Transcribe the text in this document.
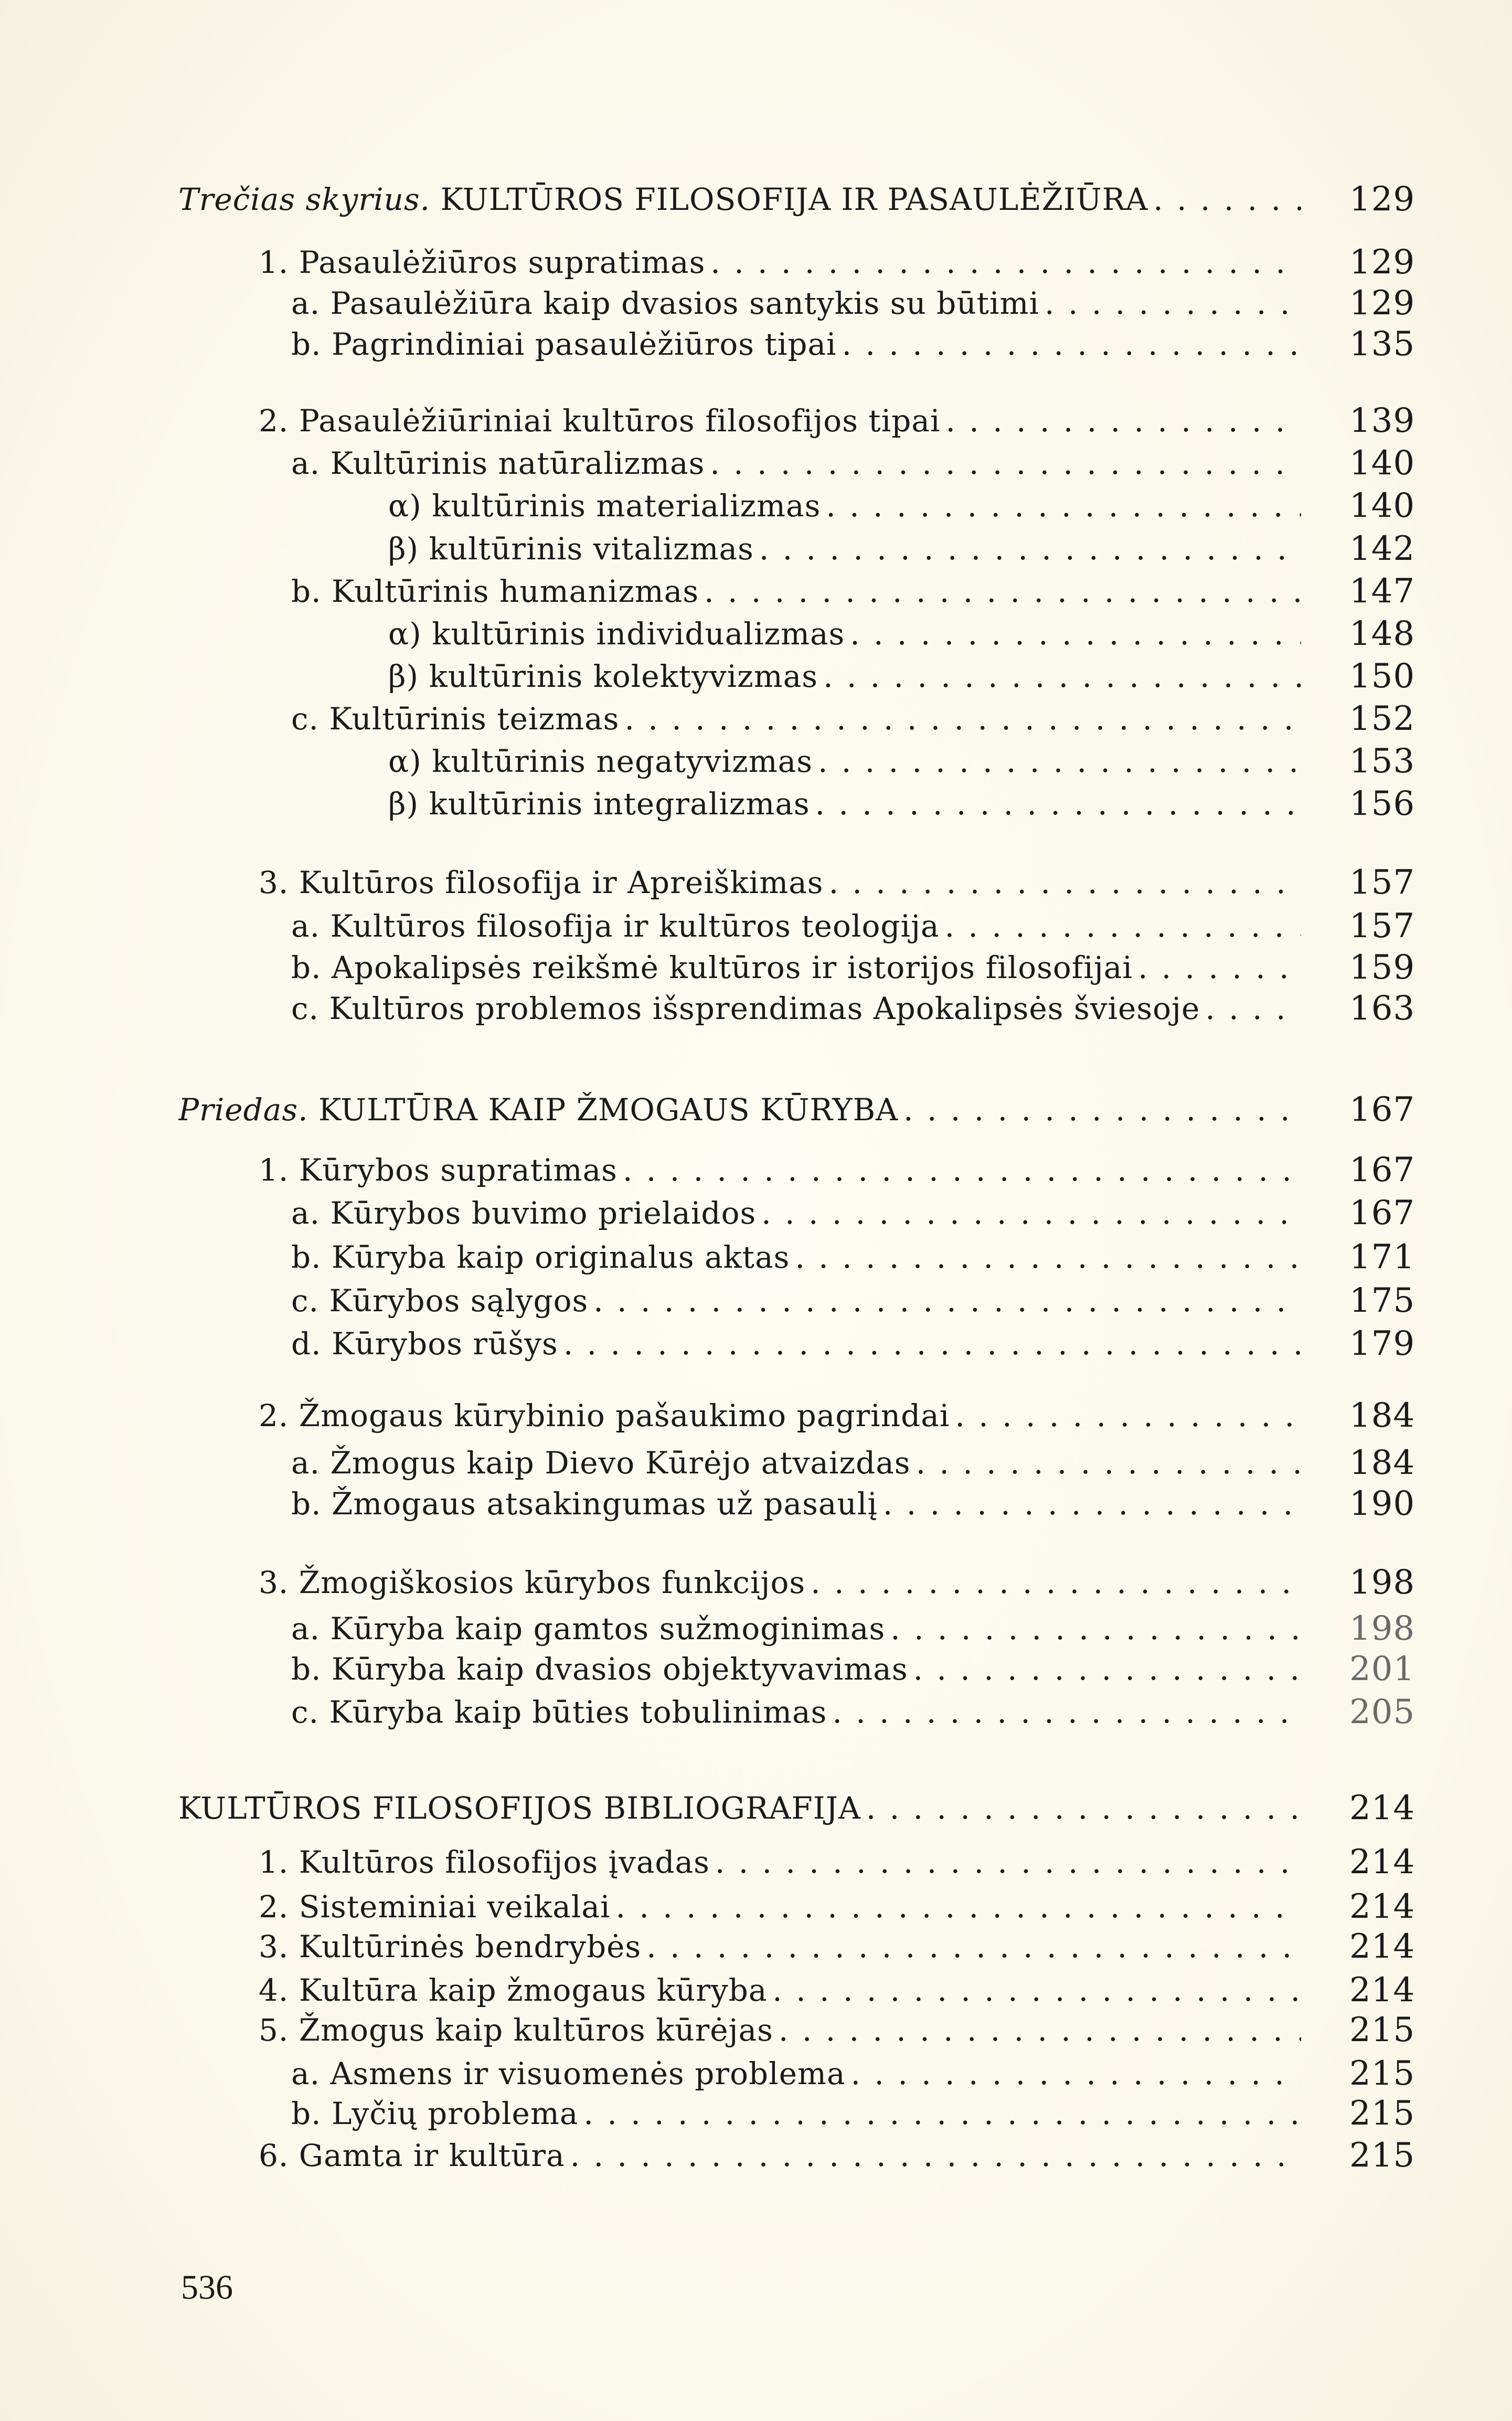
Trečias skyrius. KULTŪROS FILOSOFIJA IR PASAULĖŽIŪRA . . .	129
1. Pasaulėžiūros supratimas . . .	129
a. Pasaulėžiūra kaip dvasios santykis su būtimi . . .	129
b. Pagrindiniai pasaulėžiūros tipai . . .	135
2. Pasaulėžiūriniai kultūros filosofijos tipai . . .	139
a. Kultūrinis natūralizmas . . .	140
α) kultūrinis materializmas . . .	140
β) kultūrinis vitalizmas . . .	142
b. Kultūrinis humanizmas . . .	147
α) kultūrinis individualizmas . . .	148
β) kultūrinis kolektyvizmas . . .	150
c. Kultūrinis teizmas . . .	152
α) kultūrinis negatyvizmas . . .	153
β) kultūrinis integralizmas . . .	156
3. Kultūros filosofija ir Apreiškimas . . .	157
a. Kultūros filosofija ir kultūros teologija . . .	157
b. Apokalipsės reikšmė kultūros ir istorijos filosofijai . . .	159
c. Kultūros problemos išsprendimas Apokalipsės šviesoje . . .	163
Priedas. KULTŪRA KAIP ŽMOGAUS KŪRYBA . . .	167
1. Kūrybos supratimas . . .	167
a. Kūrybos buvimo prielaidos . . .	167
b. Kūryba kaip originalus aktas . . .	171
c. Kūrybos sąlygos . . .	175
d. Kūrybos rūšys . . .	179
2. Žmogaus kūrybinio pašaukimo pagrindai . . .	184
a. Žmogus kaip Dievo Kūrėjo atvaizdas . . .	184
b. Žmogaus atsakingumas už pasaulį . . .	190
3. Žmogiškosios kūrybos funkcijos . . .	198
a. Kūryba kaip gamtos sužmoginimas . . .	198
b. Kūryba kaip dvasios objektyvavimas . . .	201
c. Kūryba kaip būties tobulinimas . . .	205
KULTŪROS FILOSOFIJOS BIBLIOGRAFIJA . . .	214
1. Kultūros filosofijos įvadas . . .	214
2. Sisteminiai veikalai . . .	214
3. Kultūrinės bendrybės . . .	214
4. Kultūra kaip žmogaus kūryba . . .	214
5. Žmogus kaip kultūros kūrėjas . . .	215
a. Asmens ir visuomenės problema . . .	215
b. Lyčių problema . . .	215
6. Gamta ir kultūra . . .	215
536
